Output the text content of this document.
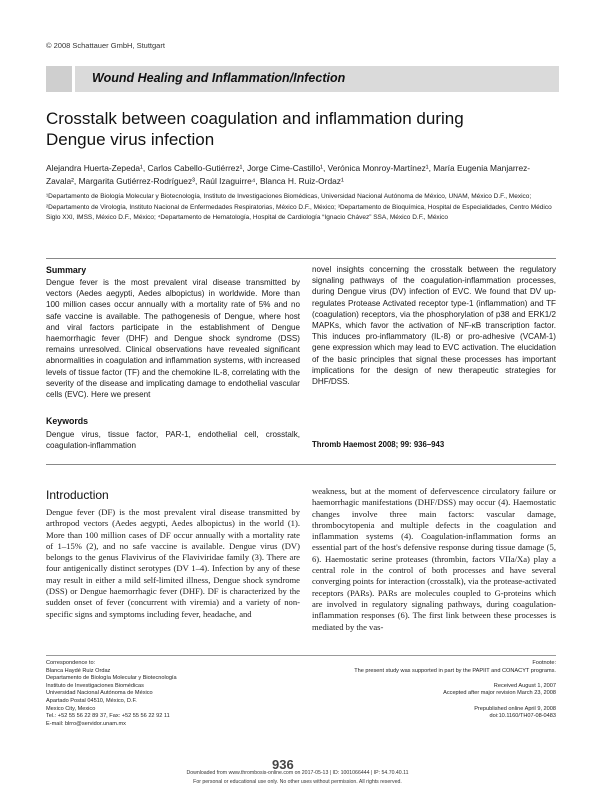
© 2008 Schattauer GmbH, Stuttgart
Wound Healing and Inflammation/Infection
Crosstalk between coagulation and inflammation during Dengue virus infection
Alejandra Huerta-Zepeda¹, Carlos Cabello-Gutiérrez¹, Jorge Cime-Castillo¹, Verónica Monroy-Martínez¹, María Eugenia Manjarrez-Zavala², Margarita Gutiérrez-Rodríguez³, Raúl Izaguirre⁴, Blanca H. Ruiz-Ordaz¹
¹Departamento de Biología Molecular y Biotecnología, Instituto de Investigaciones Biomédicas, Universidad Nacional Autónoma de México, UNAM, México D.F., Mexico; ²Departamento de Virología, Instituto Nacional de Enfermedades Respiratorias, México D.F., México; ³Departamento de Bioquímica, Hospital de Especialidades, Centro Médico Siglo XXI, IMSS, México D.F., México; ⁴Departamento de Hematología, Hospital de Cardiología “Ignacio Chávez” SSA, México D.F., México
Summary
Dengue fever is the most prevalent viral disease transmitted by vectors (Aedes aegypti, Aedes albopictus) in worldwide. More than 100 million cases occur annually with a mortality rate of 5% and no safe vaccine is available. The pathogenesis of Dengue, where host and viral factors participate in the establishment of Dengue haemorrhagic fever (DHF) and Dengue shock syndrome (DSS) remains unresolved. Clinical observations have revealed significant abnormalities in coagulation and inflammation systems, with increased levels of tissue factor (TF) and the chemokine IL-8, correlating with the severity of the disease and implicating damage to endothelial vascular cells (EVC). Here we present
novel insights concerning the crosstalk between the regulatory signaling pathways of the coagulation-inflammation processes, during Dengue virus (DV) infection of EVC. We found that DV up-regulates Protease Activated receptor type-1 (inflammation) and TF (coagulation) receptors, via the phosphorylation of p38 and ERK1/2 MAPKs, which favor the activation of NF-κB transcription factor. This induces pro-inflammatory (IL-8) or pro-adhesive (VCAM-1) gene expression which may lead to EVC activation. The elucidation of the basic principles that signal these processes has important implications for the design of new therapeutic strategies for DHF/DSS.
Keywords
Dengue virus, tissue factor, PAR-1, endothelial cell, crosstalk, coagulation-inflammation	Thromb Haemost 2008; 99: 936–943
Introduction
Dengue fever (DF) is the most prevalent viral disease transmitted by arthropod vectors (Aedes aegypti, Aedes albopictus) in the world (1). More than 100 million cases of DF occur annually with a mortality rate of 1–15% (2), and no safe vaccine is available. Dengue virus (DV) belongs to the genus Flavivirus of the Flaviviridae family (3). There are four antigenically distinct serotypes (DV 1–4). Infection by any of these may result in either a mild self-limited illness, Dengue shock syndrome (DSS) or Dengue haemorrhagic fever (DHF). DF is characterized by the sudden onset of fever (concurrent with viremia) and a variety of non-specific signs and symptoms including fever, headache, and
weakness, but at the moment of defervescence circulatory failure or haemorrhagic manifestations (DHF/DSS) may occur (4). Haemostatic changes involve three main factors: vascular damage, thrombocytopenia and multiple defects in the coagulation and inflammation systems (4). Coagulation-inflammation forms an essential part of the host's defensive response during tissue damage (5, 6). Haemostatic serine proteases (thrombin, factors VIIa/Xa) play a central role in the control of both processes and have several converging points for interaction (crosstalk), via the protease-activated receptors (PARs). PARs are molecules coupled to G-proteins which are involved in regulatory signaling pathways, during coagulation-inflammation responses (6). The first link between these processes is mediated by the vas-
Correspondence to:
Blanca Haydé Ruiz Ordaz
Departamento de Biología Molecular y Biotecnología
Instituto de Investigaciones Biomédicas
Universidad Nacional Autónoma de México
Apartado Postal 04510, México, D.F.
Mexico City, Mexico
Tel.: +52 55 56 22 89 37, Fax: +52 55 56 22 92 11
E-mail: blrro@servidor.unam.mx
Footnote:
The present study was supported in part by the PAPIIT and CONACYT programs.

Received August 1, 2007
Accepted after major revision March 23, 2008

Prepublished online April 9, 2008
doi:10.1160/TH07-08-0483
936
Downloaded from www.thrombosis-online.com on 2017-05-13 | ID: 1001066444 | IP: 54.70.40.11
For personal or educational use only. No other uses without permission. All rights reserved.
